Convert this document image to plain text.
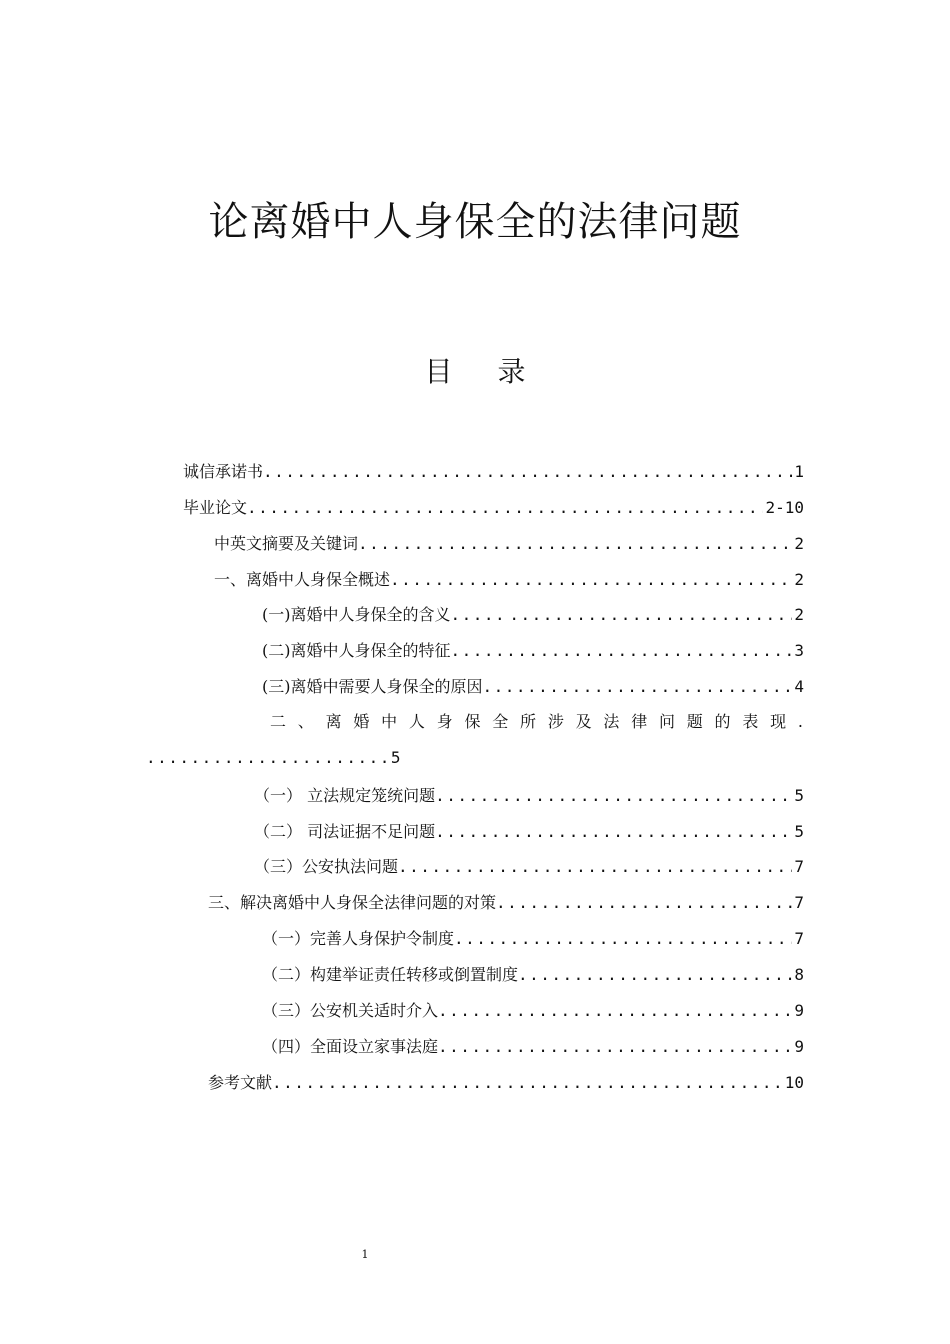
论离婚中人身保全的法律问题
目 录
诚信承诺书 .....	1
毕业论文 .....	2-10
中英文摘要及关键词 .....	2
一、离婚中人身保全概述 .....	2
(一)离婚中人身保全的含义 ..... .....	2
(二)离婚中人身保全的特征 .....	3
(三)离婚中需要人身保全的原因 .....	4
二 、 离 婚 中 人 身 保 全 所 涉 及 法 律 问 题 的 表 现 .
...................... 5
（一） 立法规定笼统问题 .....	5
（二） 司法证据不足问题 .....	5
（三）公安执法问题 .....	7
三、解决离婚中人身保全法律问题的对策 .....	7
（一）完善人身保护令制度 .....	7
（二）构建举证责任转移或倒置制度 .....	8
（三）公安机关适时介入 .....	9
（四）全面设立家事法庭 .....	9
参考文献 .....	10
1
